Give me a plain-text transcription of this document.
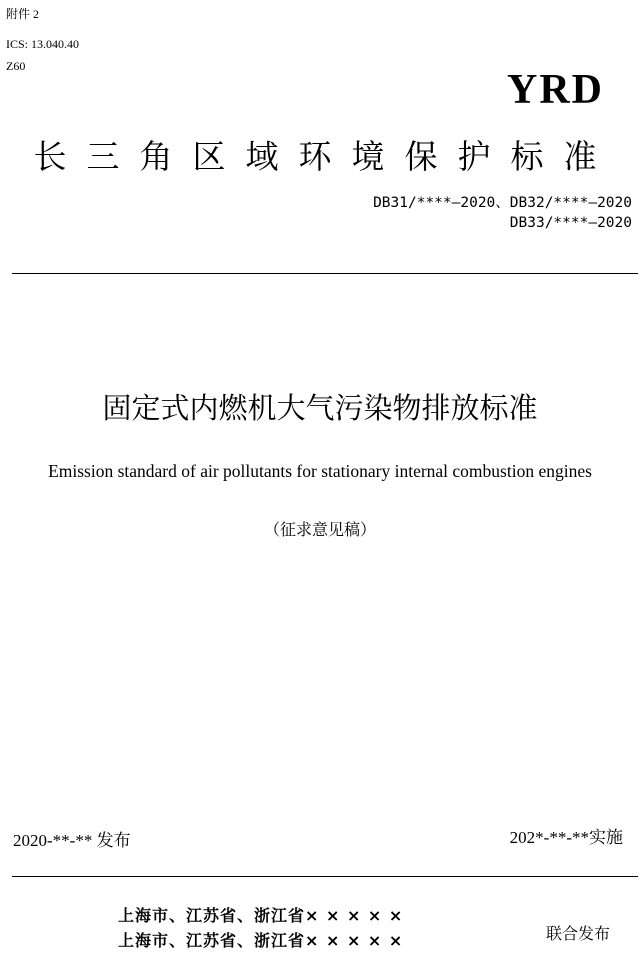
附件 2
ICS: 13.040.40
Z60
YRD
长三角区域环境保护标准
DB31/****—2020、DB32/****—2020
DB33/****—2020
固定式内燃机大气污染物排放标准
Emission standard of air pollutants for stationary internal combustion engines
（征求意见稿）
2020-**-** 发布	202*-**-**实施
上海市、江苏省、浙江省× × × × ×
上海市、江苏省、浙江省× × × × ×	联合发布
